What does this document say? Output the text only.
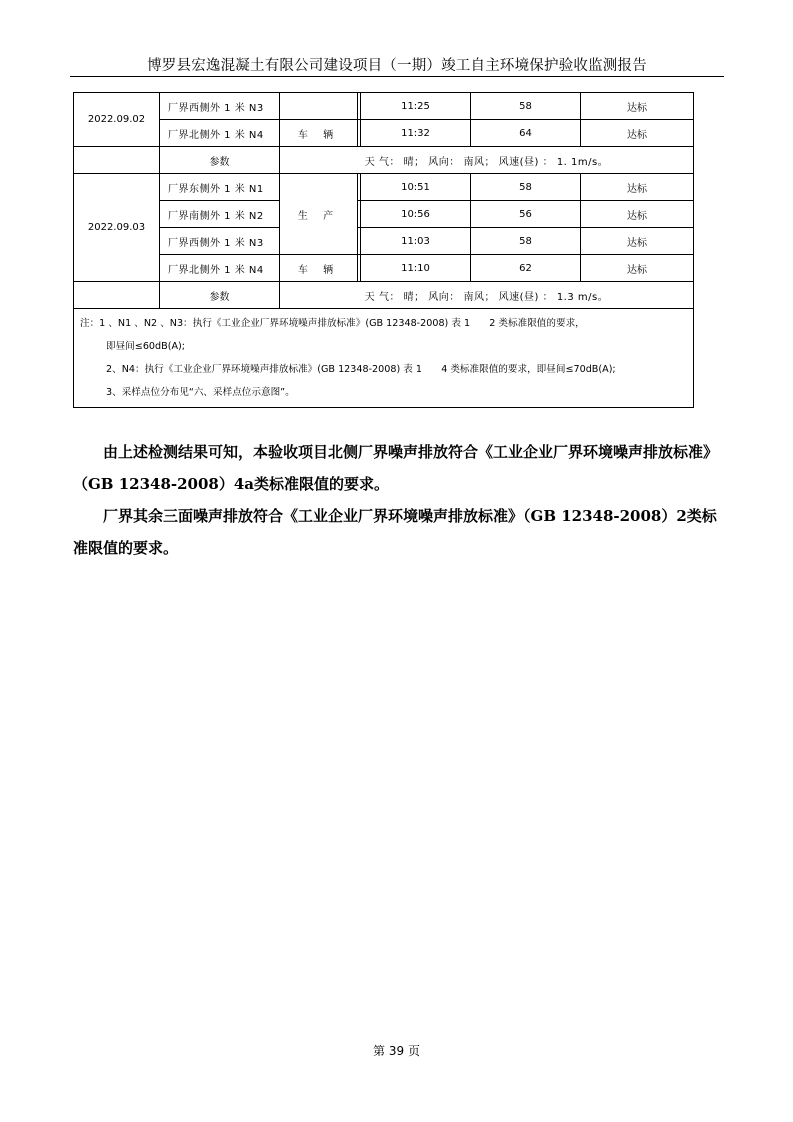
博罗县宏逸混凝土有限公司建设项目（一期）竣工自主环境保护验收监测报告
2022.09.02	厂界西侧外 1 米 N3			11:25	58	达标
	厂界北侧外 1 米 N4	车 辆		11:32	64	达标
	参数	天 气： 晴； 风向： 南风； 风速(昼) ： 1. 1m/s。				
2022.09.03	厂界东侧外 1 米 N1	生 产		10:51	58	达标
	厂界南侧外 1 米 N2			10:56	56	达标
	厂界西侧外 1 米 N3			11:03	58	达标
	厂界北侧外 1 米 N4	车 辆		11:10	62	达标
	参数	天 气： 晴； 风向： 南风； 风速(昼) ： 1.3 m/s。				

注：1 、N1 、N2 、N3：执行《工业企业厂界环境噪声排放标准》(GB 12348-2008) 表 1　　2 类标准限值的要求，
即昼间≤60dB(A);
2、N4：执行《工业企业厂界环境噪声排放标准》(GB 12348-2008) 表 1　　4 类标准限值的要求，即昼间≤70dB(A);
3、采样点位分布见“六、采样点位示意图”。						
由上述检测结果可知，本验收项目北侧厂界噪声排放符合《工业企业厂界环境噪声排放标准》（GB 12348-2008）4a类标准限值的要求。
厂界其余三面噪声排放符合《工业企业厂界环境噪声排放标准》（GB 12348-2008）2类标准限值的要求。
第 39 页
